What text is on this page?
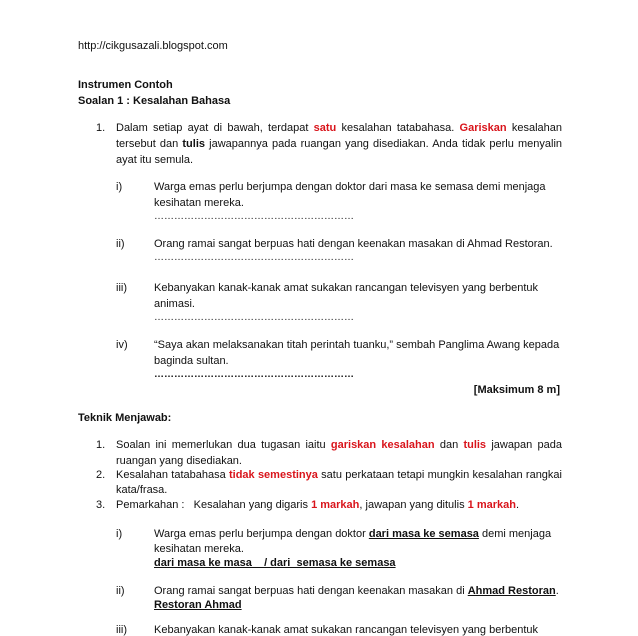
http://cikgusazali.blogspot.com
Instrumen Contoh
Soalan 1 : Kesalahan Bahasa
1. Dalam setiap ayat di bawah, terdapat satu kesalahan tatabahasa. Gariskan kesalahan
tersebut dan tulis jawapannya pada ruangan yang disediakan. Anda tidak perlu menyalin
ayat itu semula.
i)	Warga emas perlu berjumpa dengan doktor dari masa ke semasa demi menjaga
kesihatan mereka.
……………………………………………………
ii)	Orang ramai sangat berpuas hati dengan keenakan masakan di Ahmad Restoran.
……………………………………………………
iii) Kebanyakan kanak-kanak amat sukakan rancangan televisyen yang berbentuk
animasi.
……………………………………………………
iv) “Saya akan melaksanakan titah perintah tuanku,” sembah Panglima Awang kepada
baginda sultan.
……………………………………………………
[Maksimum 8 m]
Teknik Menjawab:
1. Soalan ini memerlukan dua tugasan iaitu gariskan kesalahan dan tulis jawapan pada
ruangan yang disediakan.
2. Kesalahan tatabahasa tidak semestinya satu perkataan tetapi mungkin kesalahan rangkai
kata/frasa.
3. Pemarkahan :   Kesalahan yang digaris 1 markah, jawapan yang ditulis 1 markah.
i)	Warga emas perlu berjumpa dengan doktor dari masa ke semasa demi menjaga
kesihatan mereka.
dari masa ke masa    / dari  semasa ke semasa
ii)	Orang ramai sangat berpuas hati dengan keenakan masakan di Ahmad Restoran.
Restoran Ahmad
iii) Kebanyakan kanak-kanak amat sukakan rancangan televisyen yang berbentuk
